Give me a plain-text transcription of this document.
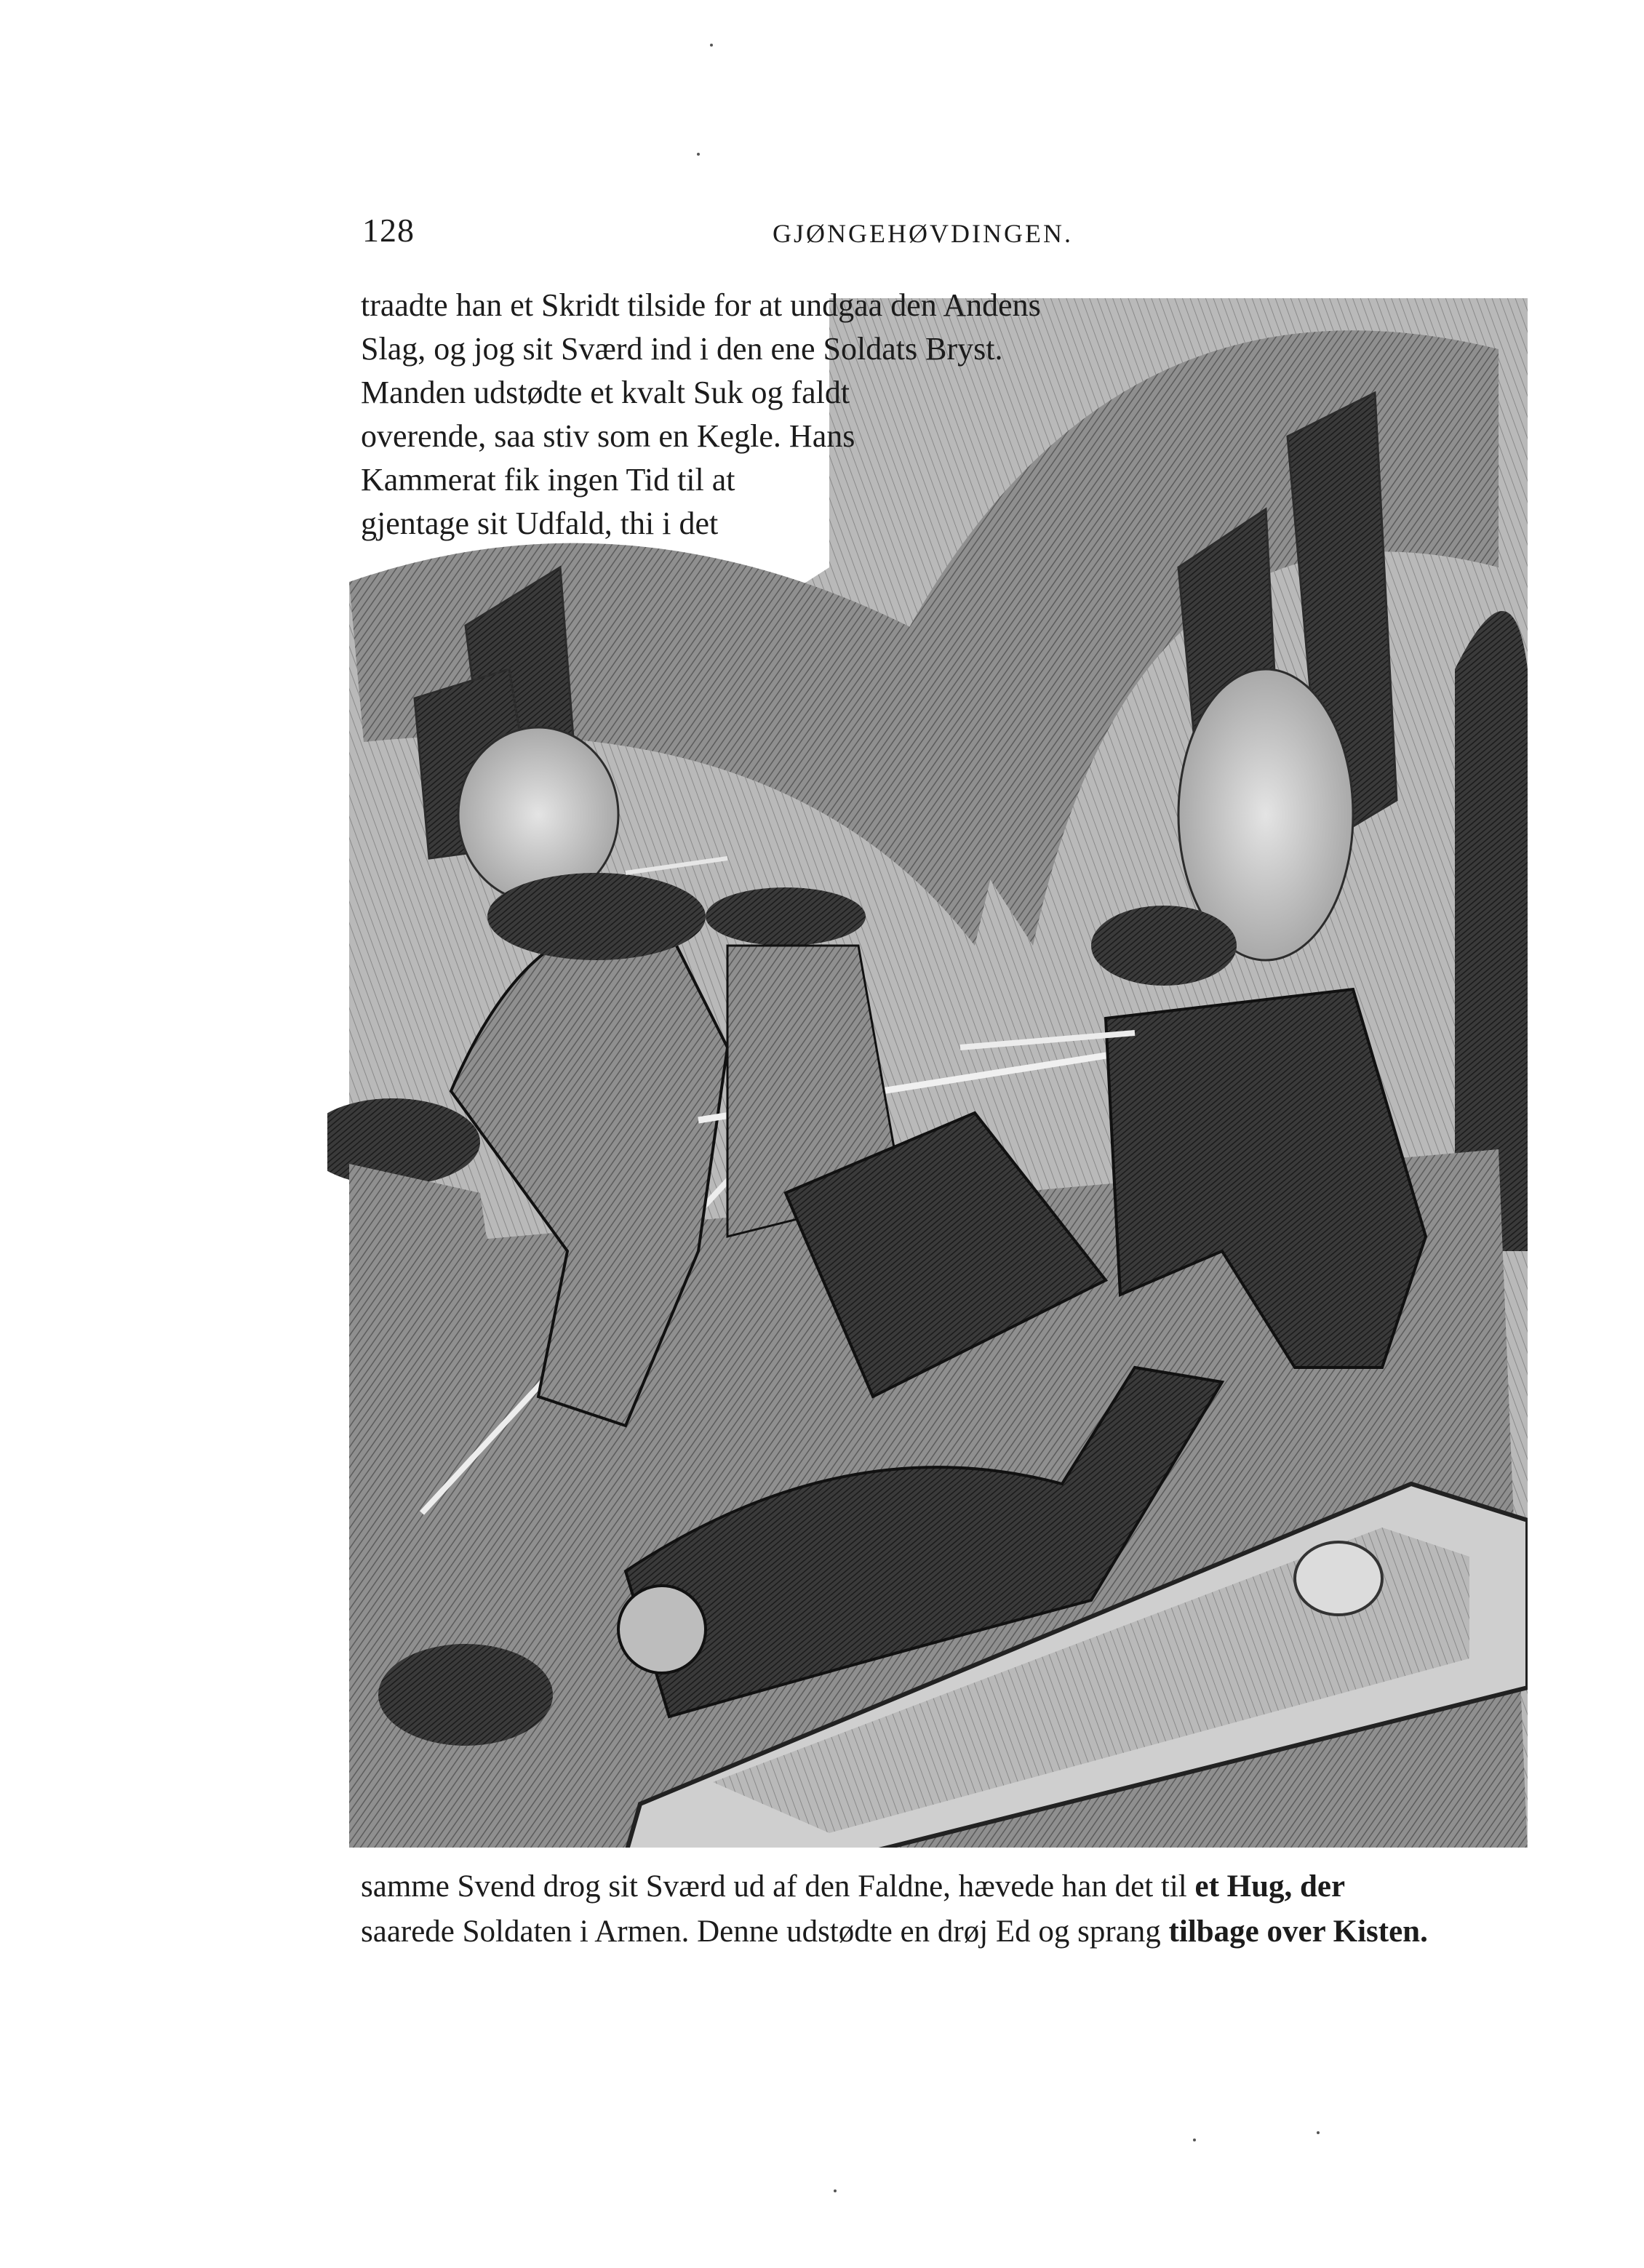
128	GJØNGEHØVDINGEN.
traadte han et Skridt tilside for at undgaa den Andens
Slag, og jog sit Sværd ind i den ene Soldats Bryst.
Manden udstødte et kvalt Suk og faldt
overende, saa stiv som en Kegle. Hans
Kammerat fik ingen Tid til at
gjentage sit Udfald, thi i det
samme Svend drog sit Sværd ud af den Faldne, hævede han det til et Hug, der
saarede Soldaten i Armen. Denne udstødte en drøj Ed og sprang tilbage over Kisten.
